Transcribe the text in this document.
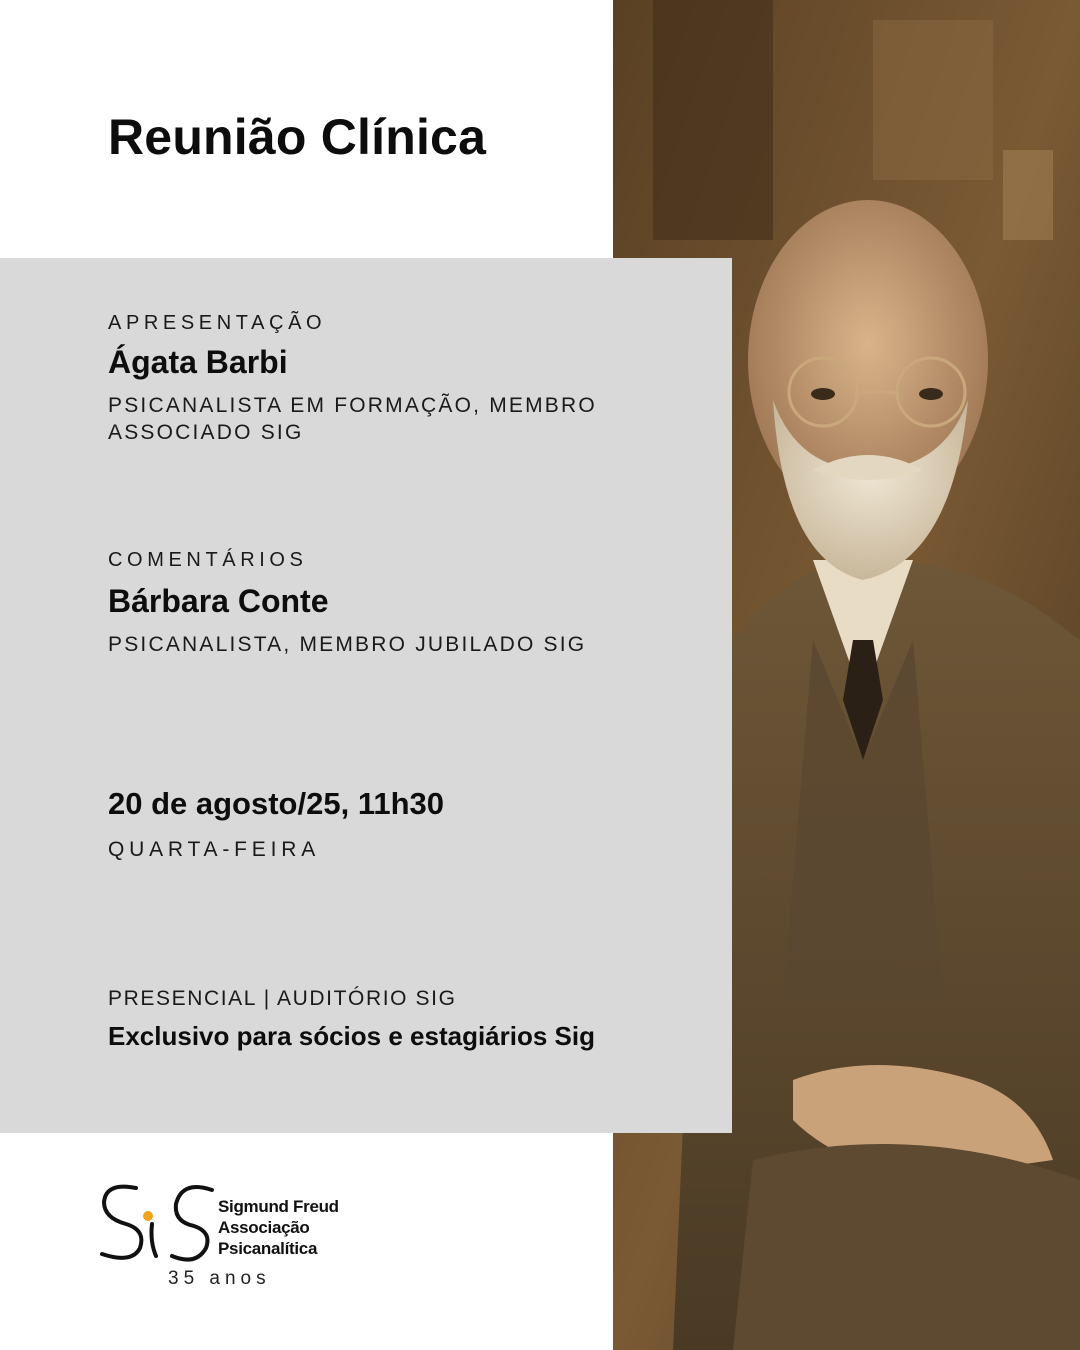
Reunião Clínica
APRESENTAÇÃO
Ágata Barbi
PSICANALISTA EM FORMAÇÃO, MEMBRO ASSOCIADO SIG
COMENTÁRIOS
Bárbara Conte
PSICANALISTA, MEMBRO JUBILADO SIG
20 de agosto/25, 11h30
QUARTA-FEIRA
PRESENCIAL | AUDITÓRIO SIG
Exclusivo para sócios e estagiários Sig
Sigmund Freud
Associação
Psicanalítica
35 anos
